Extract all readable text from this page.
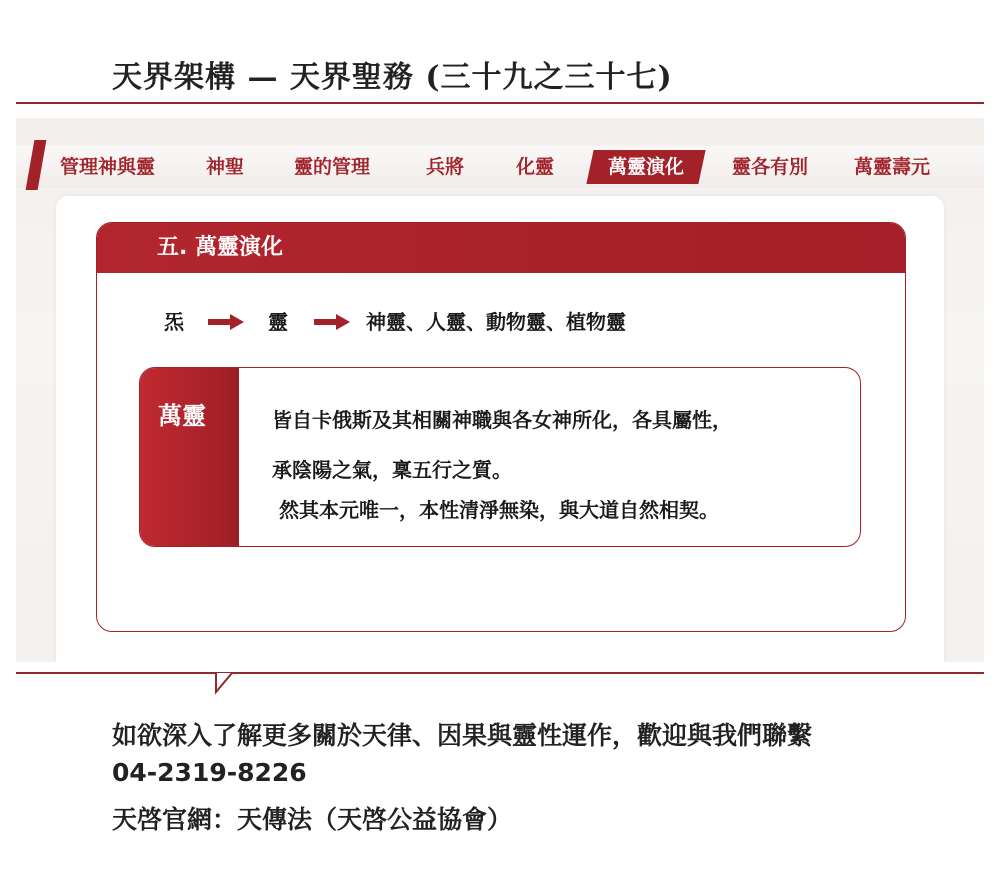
天界架構 — 天界聖務 (三十九之三十七)
管理神與靈	神聖	靈的管理	兵將	化靈	萬靈演化	靈各有別 萬靈壽元
五. 萬靈演化
炁	靈	神靈、人靈、動物靈、植物靈
萬靈	皆自卡俄斯及其相關神職與各女神所化，各具屬性，
承陰陽之氣，稟五行之質。
然其本元唯一，本性清淨無染，與大道自然相契。
如欲深入了解更多關於天律、因果與靈性運作，歡迎與我們聯繫
04-2319-8226
天啓官網：天傳法（天啓公益協會）
